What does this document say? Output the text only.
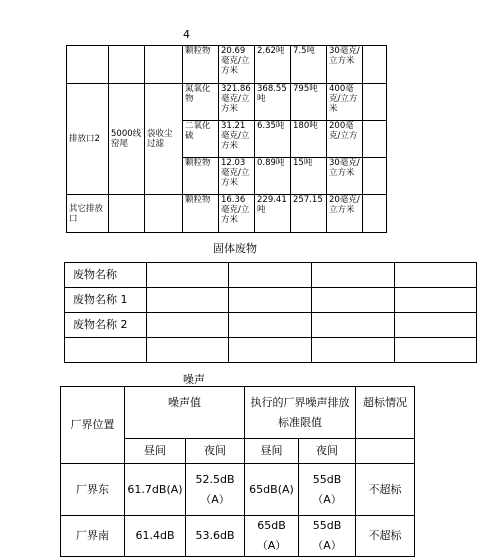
4
			颗粒物	20.69毫克/立方米	2.62吨	7.5吨	30毫克/立方米	
排放口2	5000线窑尾	袋收尘过滤	氮氧化物	321.86毫克/立方米	368.55吨	795吨	400毫克/立方米	
			二氧化硫	31.21毫克/立方米	6.35吨	180吨	200毫克/立方	
			颗粒物	12.03毫克/立方米	0.89吨	15吨	30毫克/立方米	
其它排放口			颗粒物	16.36毫克/立方米	229.41吨	257.15	20毫克/立方米	
固体废物
废物名称				
废物名称 1				
废物名称 2				

噪声
厂界位置	噪声值		执行的厂界噪声排放标准限值		超标情况
	昼间	夜间	昼间	夜间	
厂界东	61.7dB(A)	52.5dB（A）	65dB(A)	55dB（A）	不超标
厂界南	61.4dB	53.6dB	65dB（A）	55dB（A）	不超标
